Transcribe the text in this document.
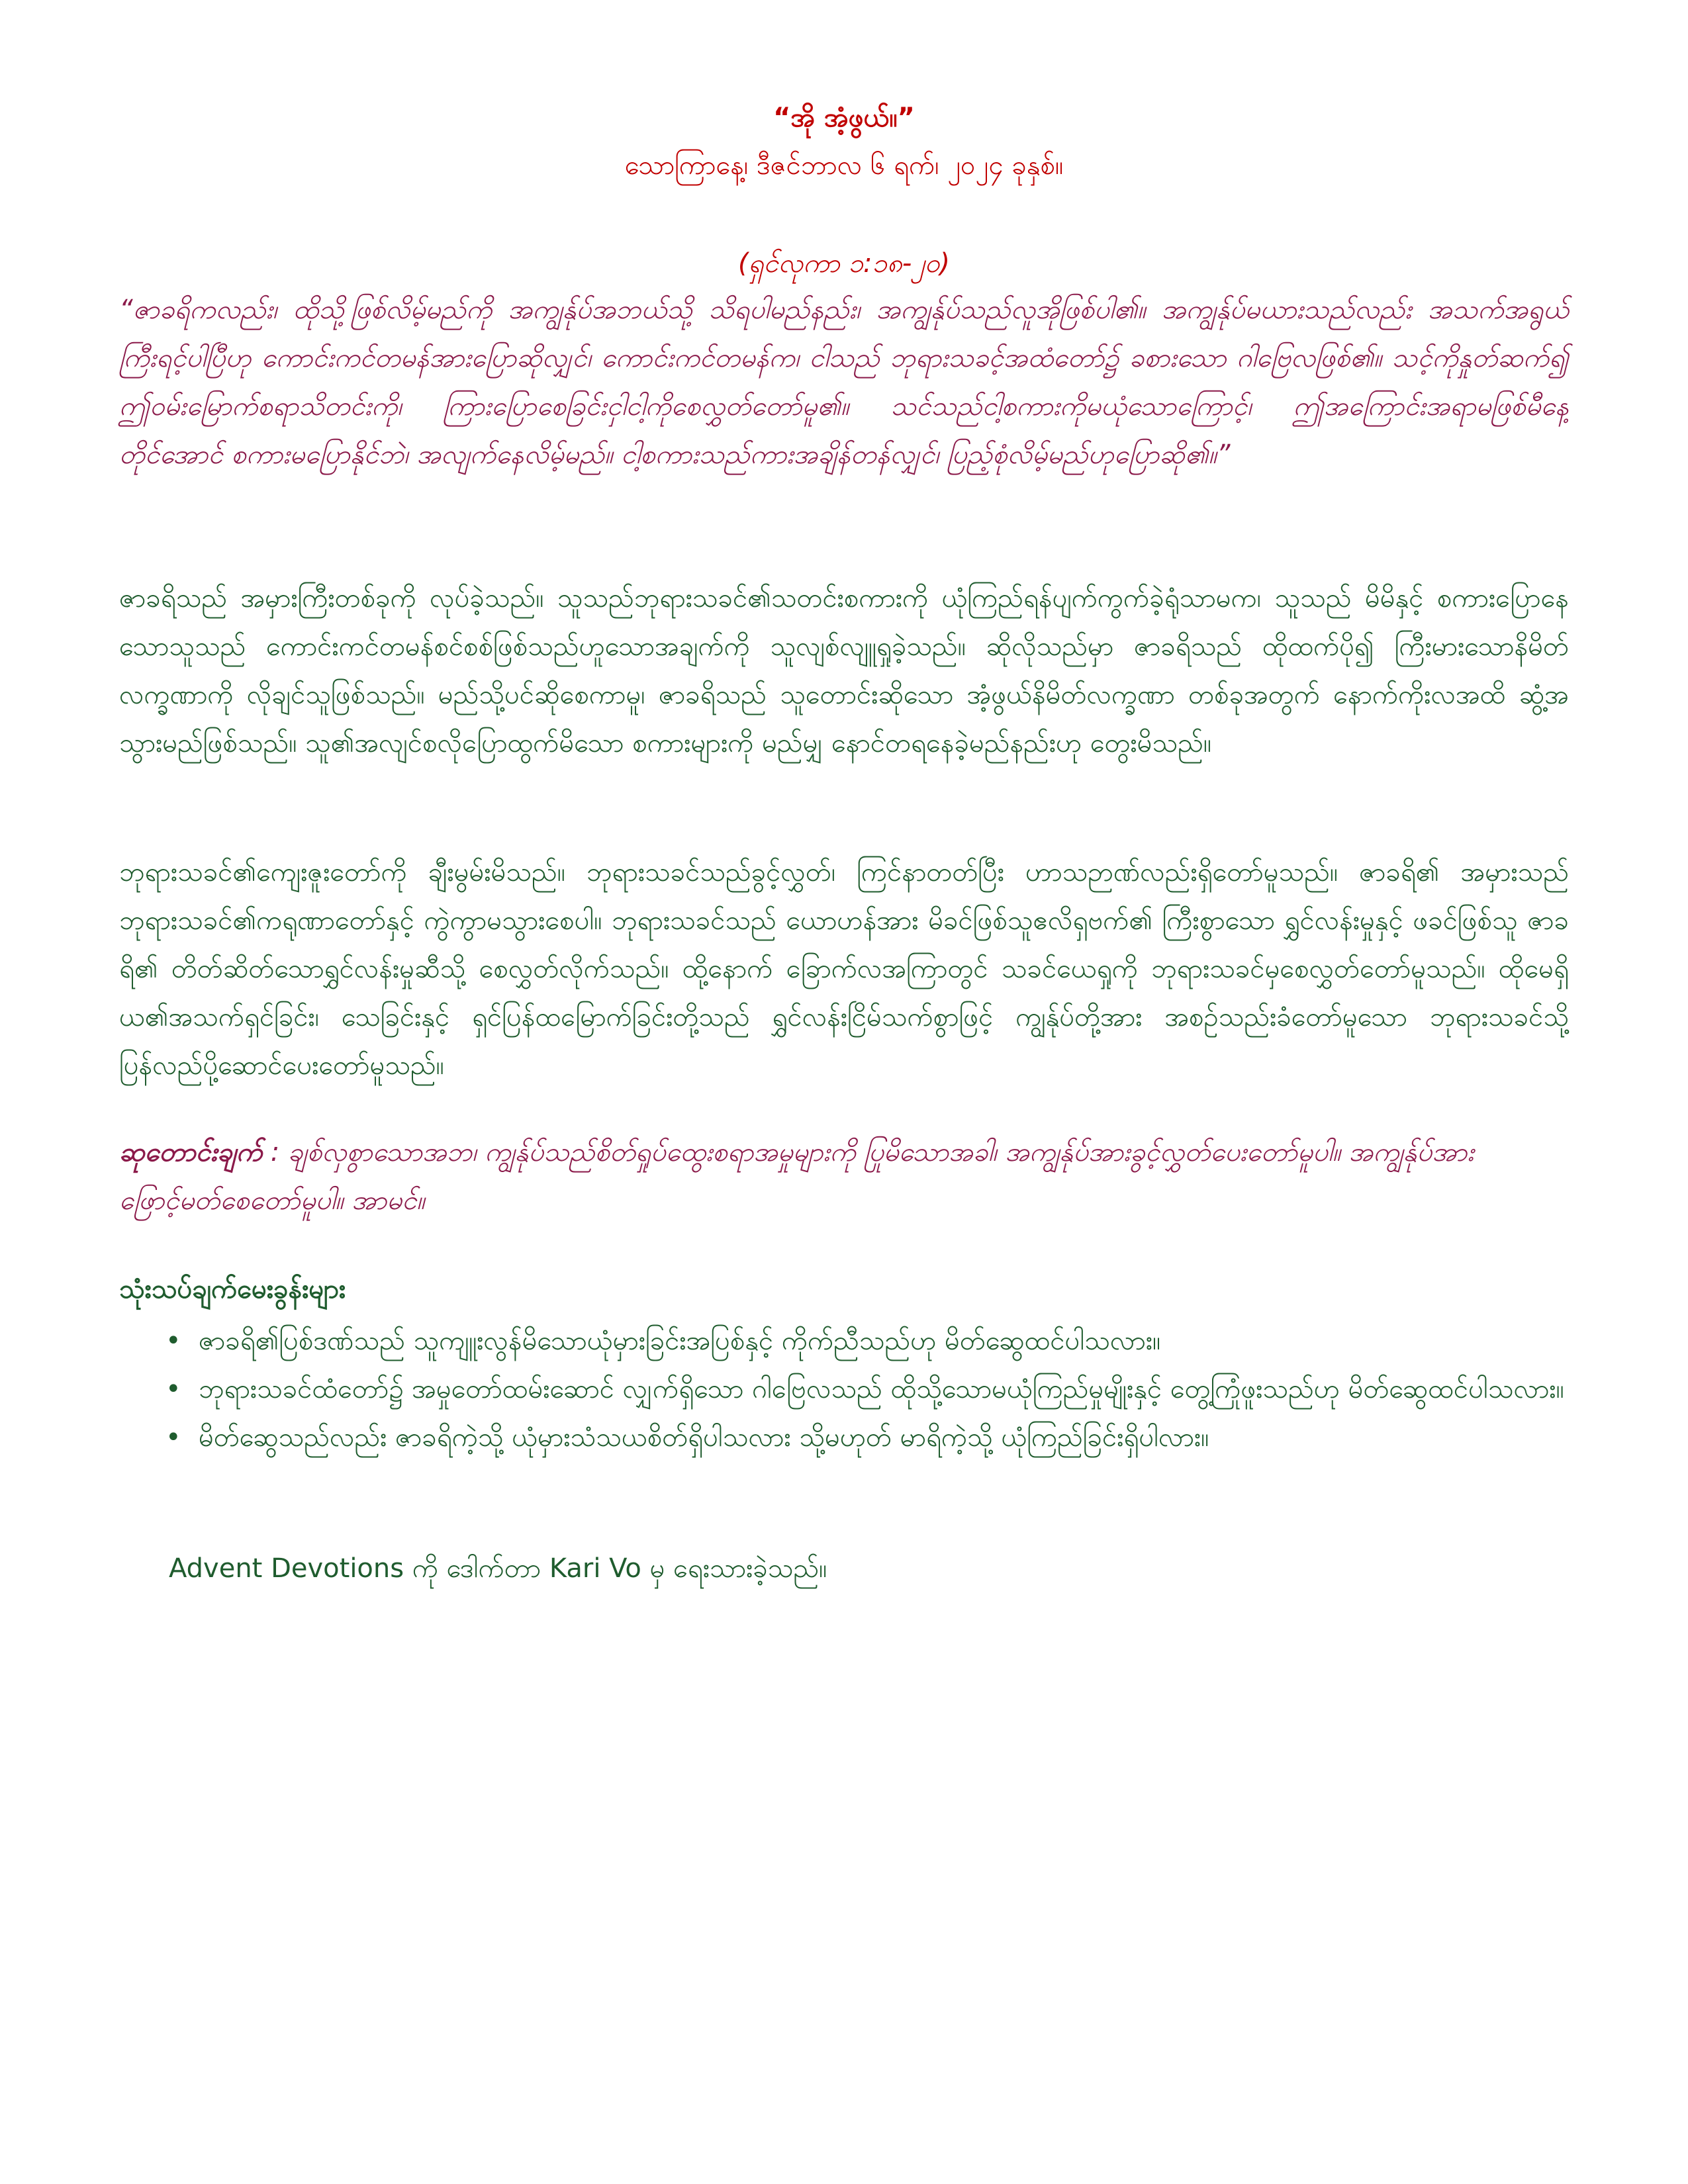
“အို အံ့ဖွယ်။”
သောကြာနေ့၊ ဒီဇင်ဘာလ ၆ ရက်၊ ၂၀၂၄ ခုနှစ်။
(ရှင်လုကာ ၁:၁၈-၂၀)

“ဇာခရိကလည်း၊ ထိုသို့ဖြစ်လိမ့်မည်ကို အကျွန်ုပ်အဘယ်သို့ သိရပါမည်နည်း၊ အကျွန်ုပ်သည်လူအိုဖြစ်ပါ၏။ အကျွန်ုပ်မယားသည်လည်း အသက်အရွယ်ကြီးရင့်ပါပြီဟု ကောင်းကင်တမန်အားပြောဆိုလျှင်၊ ကောင်းကင်တမန်က၊ ငါသည် ဘုရားသခင့်အထံတော်၌ ခစားသော ဂါဗြေလဖြစ်၏။ သင့်ကိုနှုတ်ဆက်၍ ဤဝမ်းမြောက်စရာသိတင်းကို၊ ကြားပြောစေခြင်းငှါငါ့ကိုစေလွှတ်တော်မူ၏။ သင်သည်ငါ့စကားကိုမယုံသောကြောင့်၊ ဤအကြောင်းအရာမဖြစ်မီနေ့တိုင်အောင် စကားမပြောနိုင်ဘဲ၊ အလျက်နေလိမ့်မည်။ ငါ့စကားသည်ကားအချိန်တန်လျှင်၊ ပြည့်စုံလိမ့်မည်ဟုပြောဆို၏။”

ဇာခရိသည် အမှားကြီးတစ်ခုကို လုပ်ခဲ့သည်။ သူသည်ဘုရားသခင်၏သတင်းစကားကို ယုံကြည်ရန်ပျက်ကွက်ခဲ့ရုံသာမက၊ သူသည် မိမိနှင့် စကားပြောနေသောသူသည် ကောင်းကင်တမန်စင်စစ်ဖြစ်သည်ဟူသောအချက်ကို သူလျစ်လျူရှုခဲ့သည်။ ဆိုလိုသည်မှာ ဇာခရိသည် ထိုထက်ပို၍ ကြီးမားသောနိမိတ်လက္ခဏာကို လိုချင်သူဖြစ်သည်။ မည်သို့ပင်ဆိုစေကာမူ၊ ဇာခရိသည် သူတောင်းဆိုသော အံ့ဖွယ်နိမိတ်လက္ခဏာ တစ်ခုအတွက် နောက်ကိုးလအထိ ဆွံ့အသွားမည်ဖြစ်သည်။ သူ၏အလျင်စလိုပြောထွက်မိသော စကားများကို မည်မျှ နောင်တရနေခဲ့မည်နည်းဟု တွေးမိသည်။

ဘုရားသခင်၏ကျေးဇူးတော်ကို ချီးမွမ်းမိသည်။ ဘုရားသခင်သည်ခွင့်လွှတ်၊ ကြင်နာတတ်ပြီး ဟာသဉာဏ်လည်းရှိတော်မူသည်။ ဇာခရိ၏ အမှားသည် ဘုရားသခင်၏ကရုဏာတော်နှင့် ကွဲကွာမသွားစေပါ။ ဘုရားသခင်သည် ယောဟန်အား မိခင်ဖြစ်သူဧလိရှဗက်၏ ကြီးစွာသော ရွှင်လန်းမှုနှင့် ဖခင်ဖြစ်သူ ဇာခရိ၏ တိတ်ဆိတ်သောရွှင်လန်းမှုဆီသို့ စေလွှတ်လိုက်သည်။ ထို့နောက် ခြောက်လအကြာတွင် သခင်ယေရှုကို ဘုရားသခင်မှစေလွှတ်တော်မူသည်။ ထိုမေရှိယ၏အသက်ရှင်ခြင်း၊ သေခြင်းနှင့် ရှင်ပြန်ထမြောက်ခြင်းတို့သည် ရွှင်လန်းငြိမ်သက်စွာဖြင့် ကျွန်ုပ်တို့အား အစဉ်သည်းခံတော်မူသော ဘုရားသခင်သို့ ပြန်လည်ပို့ဆောင်ပေးတော်မူသည်။

ဆုတောင်းချက် : ချစ်လှစွာသောအဘ၊ ကျွန်ုပ်သည်စိတ်ရှုပ်ထွေးစရာအမှုများကို ပြုမိသောအခါ၊ အကျွန်ုပ်အားခွင့်လွှတ်ပေးတော်မူပါ။ အကျွန်ုပ်အား ဖြောင့်မတ်စေတော်မူပါ။ အာမင်။

သုံးသပ်ချက်မေးခွန်းများ

• ဇာခရိ၏ပြစ်ဒဏ်သည် သူကျူးလွန်မိသောယုံမှားခြင်းအပြစ်နှင့် ကိုက်ညီသည်ဟု မိတ်ဆွေထင်ပါသလား။
• ဘုရားသခင်ထံတော်၌ အမှုတော်ထမ်းဆောင် လျှက်ရှိသော ဂါဗြေလသည် ထိုသို့သောမယုံကြည်မှုမျိုးနှင့် တွေ့ကြုံဖူးသည်ဟု မိတ်ဆွေထင်ပါသလား။
• မိတ်ဆွေသည်လည်း ဇာခရိကဲ့သို့ ယုံမှားသံသယစိတ်ရှိပါသလား သို့မဟုတ် မာရိကဲ့သို့ ယုံကြည်ခြင်းရှိပါလား။

Advent Devotions ကို ဒေါက်တာ Kari Vo မှ ရေးသားခဲ့သည်။
